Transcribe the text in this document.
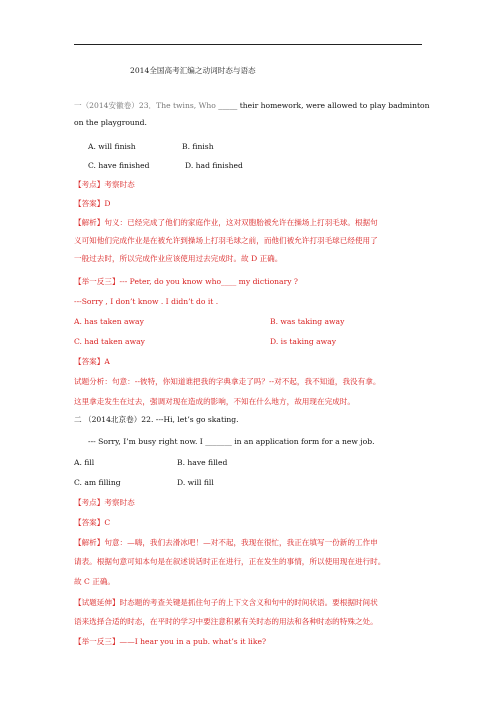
2014全国高考汇编之动词时态与语态
一（2014安徽卷）23．The twins, Who _____ their homework, were allowed to play badminton
on the playground.
A. will finish	B. finish
C. have finished	D. had finished
【考点】考察时态
【答案】D
【解析】句义：已经完成了他们的家庭作业，这对双胞胎被允许在操场上打羽毛球。根据句
义可知他们完成作业是在被允许到操场上打羽毛球之前，而他们被允许打羽毛球已经使用了
一般过去时，所以完成作业应该使用过去完成时。故 D 正确。
【举一反三】--- Peter, do you know who____ my dictionary ?
---Sorry , I don’t know . I didn’t do it .
A. has taken away	B. was taking away
C. had taken away	D. is taking away
【答案】A
试题分析：句意：--彼特，你知道谁把我的字典拿走了吗？--对不起，我不知道，我没有拿。
这里拿走发生在过去，强调对现在造成的影响，不知在什么地方，故用现在完成时。
二 （2014北京卷）22. ---Hi, let’s go skating.
--- Sorry, I’m busy right now. I _______ in an application form for a new job.
A. fill	B. have filled
C. am filling	D. will fill
【考点】考察时态
【答案】C
【解析】句意：—嗨，我们去滑冰吧！—对不起，我现在很忙，我正在填写一份新的工作申
请表。根据句意可知本句是在叙述说话时正在进行，正在发生的事情，所以使用现在进行时。
故 C 正确。
【试题延伸】时态题的考查关键是抓住句子的上下文含义和句中的时间状语。要根据时间状
语来选择合适的时态，在平时的学习中要注意积累有关时态的用法和各种时态的特殊之处。
【举一反三】——I hear you in a pub. what’s it like?
